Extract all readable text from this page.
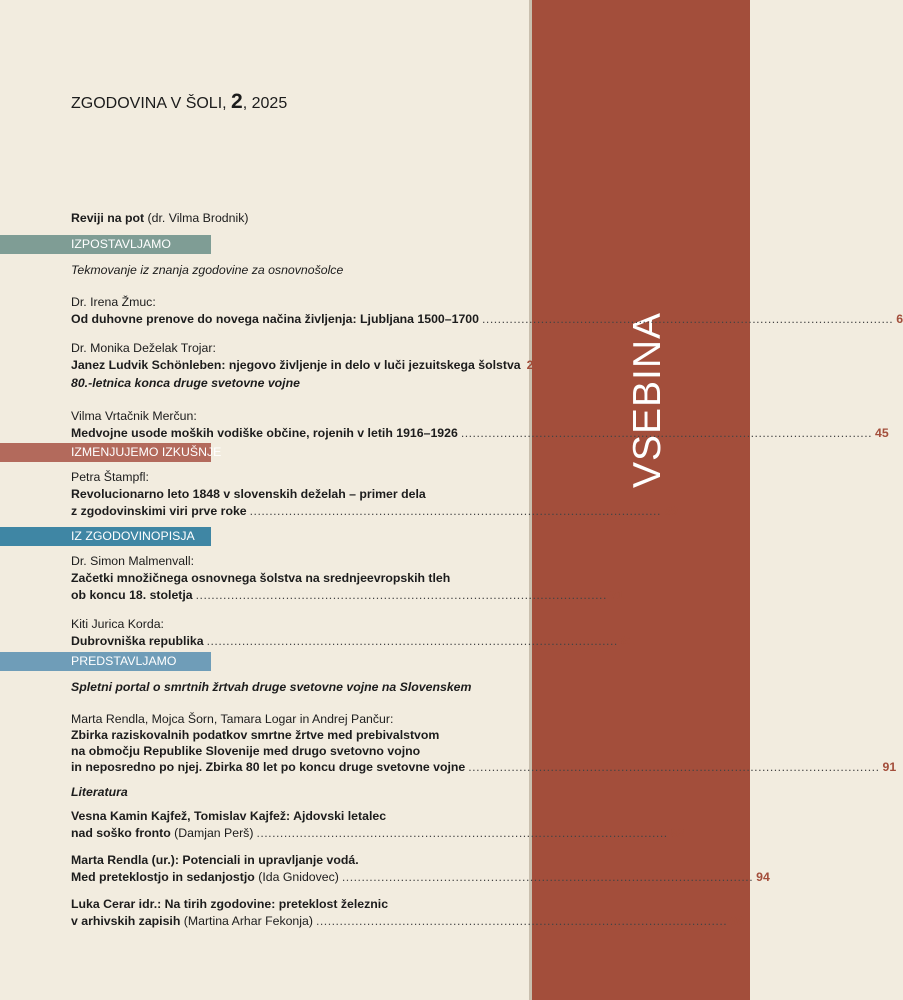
VSEBINA
ZGODOVINA V ŠOLI, 2, 2025
IZPOSTAVLJAMO
IZMENJUJEMO IZKUŠNJE
IZ ZGODOVINOPISJA
PREDSTAVLJAMO
Reviji na pot (dr. Vilma Brodnik)
Tekmovanje iz znanja zgodovine za osnovnošolce
Dr. Irena Žmuc:
Od duhovne prenove do novega načina življenja: Ljubljana 1500–1700 ......................................................................................................... 6
Dr. Monika Deželak Trojar:
Janez Ludvik Schönleben: njegovo življenje in delo v luči jezuitskega šolstva 25
80.-letnica konca druge svetovne vojne
Vilma Vrtačnik Merčun:
Medvojne usode moških vodiške občine, rojenih v letih 1916–1926 ......................................................................................................... 45
Petra Štampfl:
Revolucionarno leto 1848 v slovenskih deželah – primer dela
z zgodovinskimi viri prve roke ......................................................................................................... 59
Dr. Simon Malmenvall:
Začetki množičnega osnovnega šolstva na srednjeevropskih tleh
ob koncu 18. stoletja ......................................................................................................... 71
Kiti Jurica Korda:
Dubrovniška republika ......................................................................................................... 81
Spletni portal o smrtnih žrtvah druge svetovne vojne na Slovenskem
Marta Rendla, Mojca Šorn, Tamara Logar in Andrej Pančur:
Zbirka raziskovalnih podatkov smrtne žrtve med prebivalstvom
na območju Republike Slovenije med drugo svetovno vojno
in neposredno po njej. Zbirka 80 let po koncu druge svetovne vojne ......................................................................................................... 91
Literatura
Vesna Kamin Kajfež, Tomislav Kajfež: Ajdovski letalec
nad soško fronto (Damjan Perš) ......................................................................................................... 92
Marta Rendla (ur.): Potenciali in upravljanje vodá.
Med preteklostjo in sedanjostjo (Ida Gnidovec) ......................................................................................................... 94
Luka Cerar idr.: Na tirih zgodovine: preteklost železnic
v arhivskih zapisih (Martina Arhar Fekonja) ......................................................................................................... 98
